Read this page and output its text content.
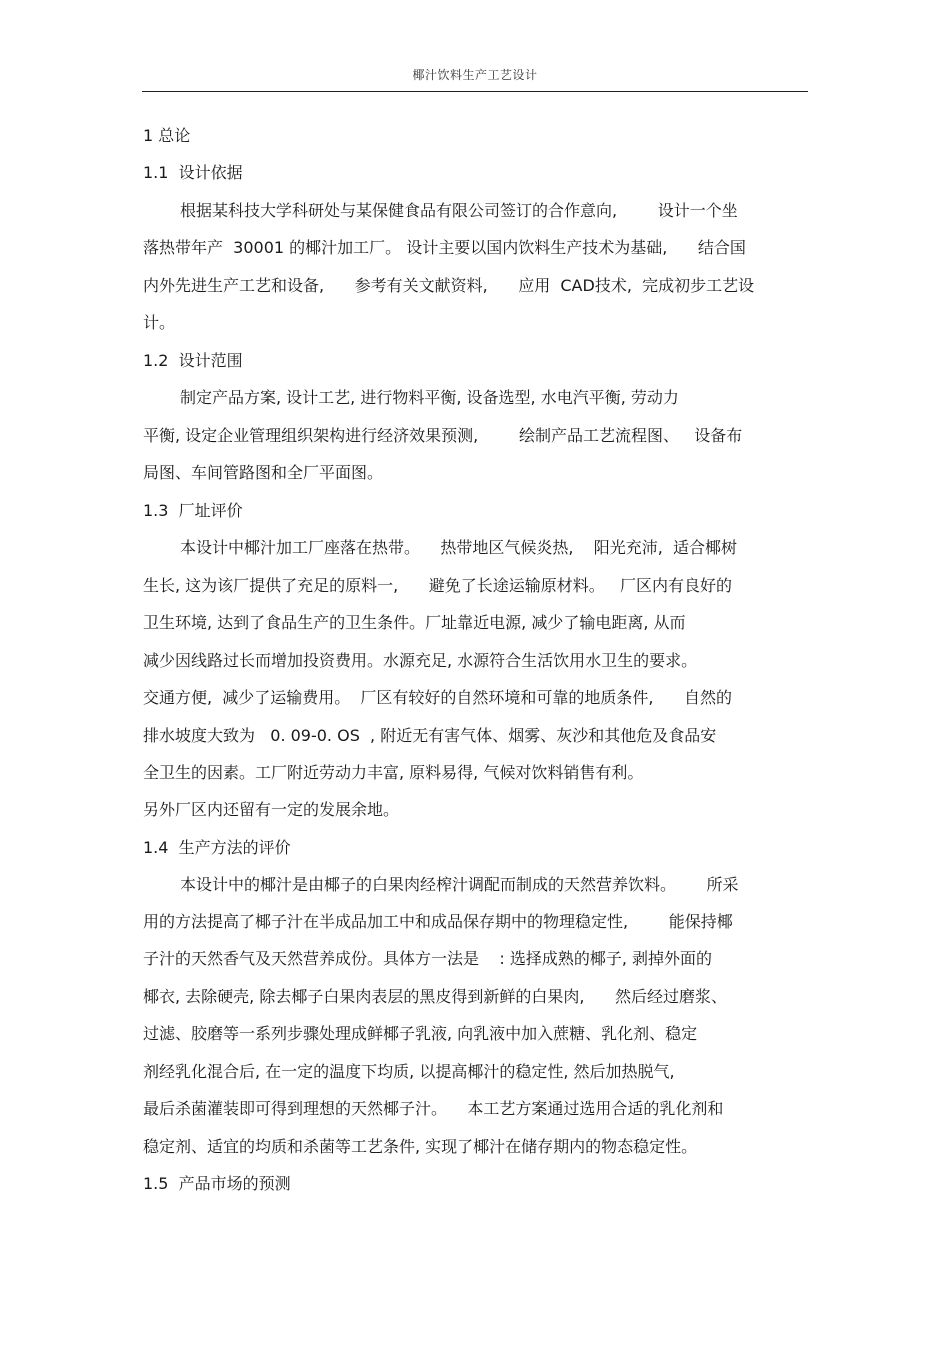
椰汁饮料生产工艺设计
1 总论
1.1  设计依据
根据某科技大学科研处与某保健食品有限公司签订的合作意向,        设计一个坐
落热带年产  30001 的椰汁加工厂。 设计主要以国内饮料生产技术为基础,      结合国
内外先进生产工艺和设备,      参考有关文献资料,      应用  CAD技术,  完成初步工艺设
计。
1.2  设计范围
制定产品方案, 设计工艺, 进行物料平衡, 设备选型, 水电汽平衡, 劳动力
平衡, 设定企业管理组织架构进行经济效果预测,        绘制产品工艺流程图、   设备布
局图、车间管路图和全厂平面图。
1.3  厂址评价
本设计中椰汁加工厂座落在热带。    热带地区气候炎热,    阳光充沛,  适合椰树
生长, 这为该厂提供了充足的原料一,      避免了长途运输原材料。   厂区内有良好的
卫生环境, 达到了食品生产的卫生条件。厂址靠近电源, 减少了输电距离, 从而
减少因线路过长而增加投资费用。水源充足, 水源符合生活饮用水卫生的要求。
交通方便,  减少了运输费用。  厂区有较好的自然环境和可靠的地质条件,      自然的
排水坡度大致为   0. 09-0. OS  , 附近无有害气体、烟雾、灰沙和其他危及食品安
全卫生的因素。工厂附近劳动力丰富, 原料易得, 气候对饮料销售有利。
另外厂区内还留有一定的发展余地。
1.4  生产方法的评价
本设计中的椰汁是由椰子的白果肉经榨汁调配而制成的天然营养饮料。      所采
用的方法提高了椰子汁在半成品加工中和成品保存期中的物理稳定性,        能保持椰
子汁的天然香气及天然营养成份。具体方一法是    : 选择成熟的椰子, 剥掉外面的
椰衣, 去除硬壳, 除去椰子白果肉表层的黑皮得到新鲜的白果肉,      然后经过磨浆、
过滤、胶磨等一系列步骤处理成鲜椰子乳液, 向乳液中加入蔗糖、乳化剂、稳定
剂经乳化混合后, 在一定的温度下均质, 以提高椰汁的稳定性, 然后加热脱气,
最后杀菌灌装即可得到理想的天然椰子汁。    本工艺方案通过选用合适的乳化剂和
稳定剂、适宜的均质和杀菌等工艺条件, 实现了椰汁在储存期内的物态稳定性。
1.5  产品市场的预测
